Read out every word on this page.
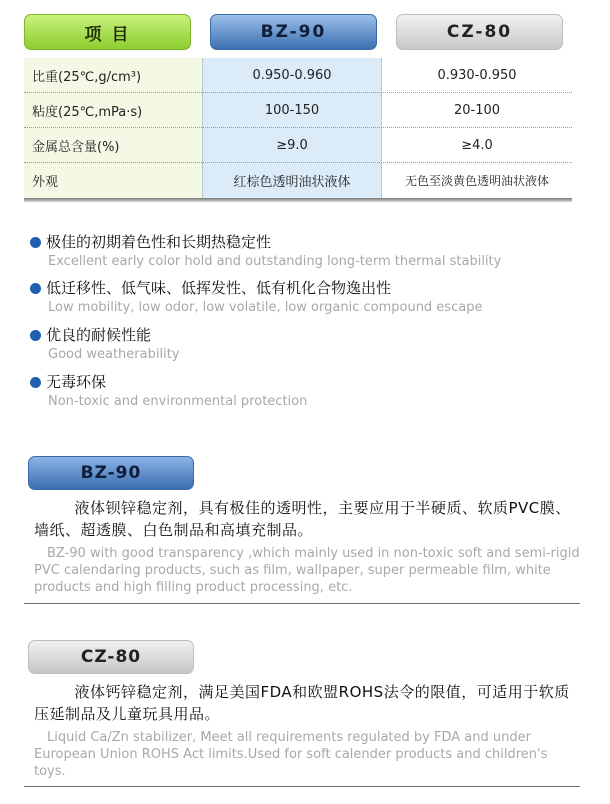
项 目	BZ-90	CZ-80
比重(25℃,g/cm³)	0.950-0.960	0.930-0.950
粘度(25℃,mPa·s)	100-150	20-100
金属总含量(%)	≥9.0	≥4.0
外观	红棕色透明油状液体	无色至淡黄色透明油状液体
极佳的初期着色性和长期热稳定性
Excellent early color hold and outstanding long-term thermal stability
低迁移性、低气味、低挥发性、低有机化合物逸出性
Low mobility, low odor, low volatile, low organic compound escape
优良的耐候性能
Good weatherability
无毒环保
Non-toxic and environmental protection
BZ-90
液体钡锌稳定剂，具有极佳的透明性，主要应用于半硬质、软质PVC膜、墙纸、超透膜、白色制品和高填充制品。
BZ-90 with good transparency ,which mainly used in non-toxic soft and semi-rigid PVC calendaring products, such as film, wallpaper, super permeable film, white products and high filling product processing, etc.
CZ-80
液体钙锌稳定剂，满足美国FDA和欧盟ROHS法令的限值，可适用于软质压延制品及儿童玩具用品。
Liquid Ca/Zn stabilizer, Meet all requirements regulated by FDA and under European Union ROHS Act limits.Used for soft calender products and children's toys.
